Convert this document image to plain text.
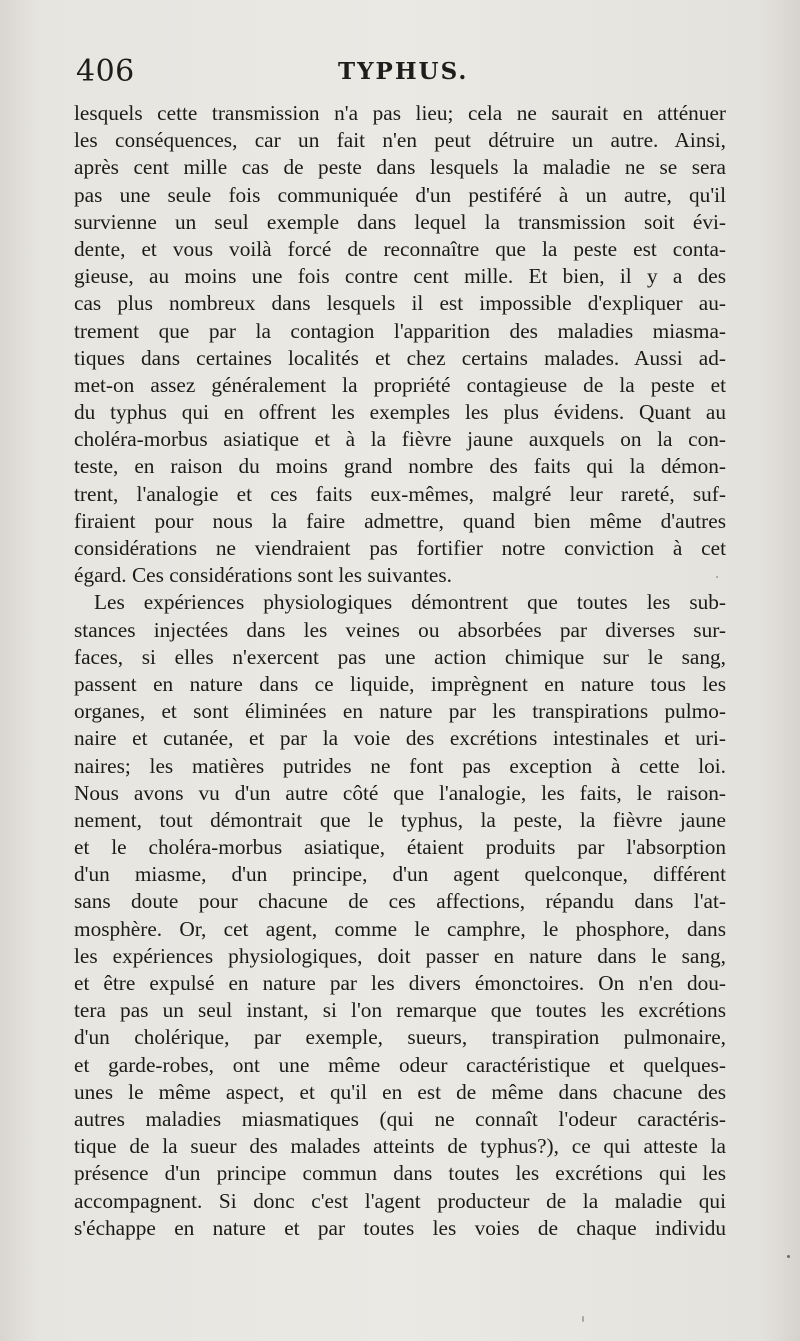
406	TYPHUS.
lesquels cette transmission n'a pas lieu; cela ne saurait en atténuer
les conséquences, car un fait n'en peut détruire un autre. Ainsi,
après cent mille cas de peste dans lesquels la maladie ne se sera
pas une seule fois communiquée d'un pestiféré à un autre, qu'il
survienne un seul exemple dans lequel la transmission soit évi-
dente, et vous voilà forcé de reconnaître que la peste est conta-
gieuse, au moins une fois contre cent mille. Et bien, il y a des
cas plus nombreux dans lesquels il est impossible d'expliquer au-
trement que par la contagion l'apparition des maladies miasma-
tiques dans certaines localités et chez certains malades. Aussi ad-
met-on assez généralement la propriété contagieuse de la peste et
du typhus qui en offrent les exemples les plus évidens. Quant au
choléra-morbus asiatique et à la fièvre jaune auxquels on la con-
teste, en raison du moins grand nombre des faits qui la démon-
trent, l'analogie et ces faits eux-mêmes, malgré leur rareté, suf-
firaient pour nous la faire admettre, quand bien même d'autres
considérations ne viendraient pas fortifier notre conviction à cet
égard. Ces considérations sont les suivantes.
Les expériences physiologiques démontrent que toutes les sub-
stances injectées dans les veines ou absorbées par diverses sur-
faces, si elles n'exercent pas une action chimique sur le sang,
passent en nature dans ce liquide, imprègnent en nature tous les
organes, et sont éliminées en nature par les transpirations pulmo-
naire et cutanée, et par la voie des excrétions intestinales et uri-
naires; les matières putrides ne font pas exception à cette loi.
Nous avons vu d'un autre côté que l'analogie, les faits, le raison-
nement, tout démontrait que le typhus, la peste, la fièvre jaune
et le choléra-morbus asiatique, étaient produits par l'absorption
d'un miasme, d'un principe, d'un agent quelconque, différent
sans doute pour chacune de ces affections, répandu dans l'at-
mosphère. Or, cet agent, comme le camphre, le phosphore, dans
les expériences physiologiques, doit passer en nature dans le sang,
et être expulsé en nature par les divers émonctoires. On n'en dou-
tera pas un seul instant, si l'on remarque que toutes les excrétions
d'un cholérique, par exemple, sueurs, transpiration pulmonaire,
et garde-robes, ont une même odeur caractéristique et quelques-
unes le même aspect, et qu'il en est de même dans chacune des
autres maladies miasmatiques (qui ne connaît l'odeur caractéris-
tique de la sueur des malades atteints de typhus?), ce qui atteste la
présence d'un principe commun dans toutes les excrétions qui les
accompagnent. Si donc c'est l'agent producteur de la maladie qui
s'échappe en nature et par toutes les voies de chaque individu
